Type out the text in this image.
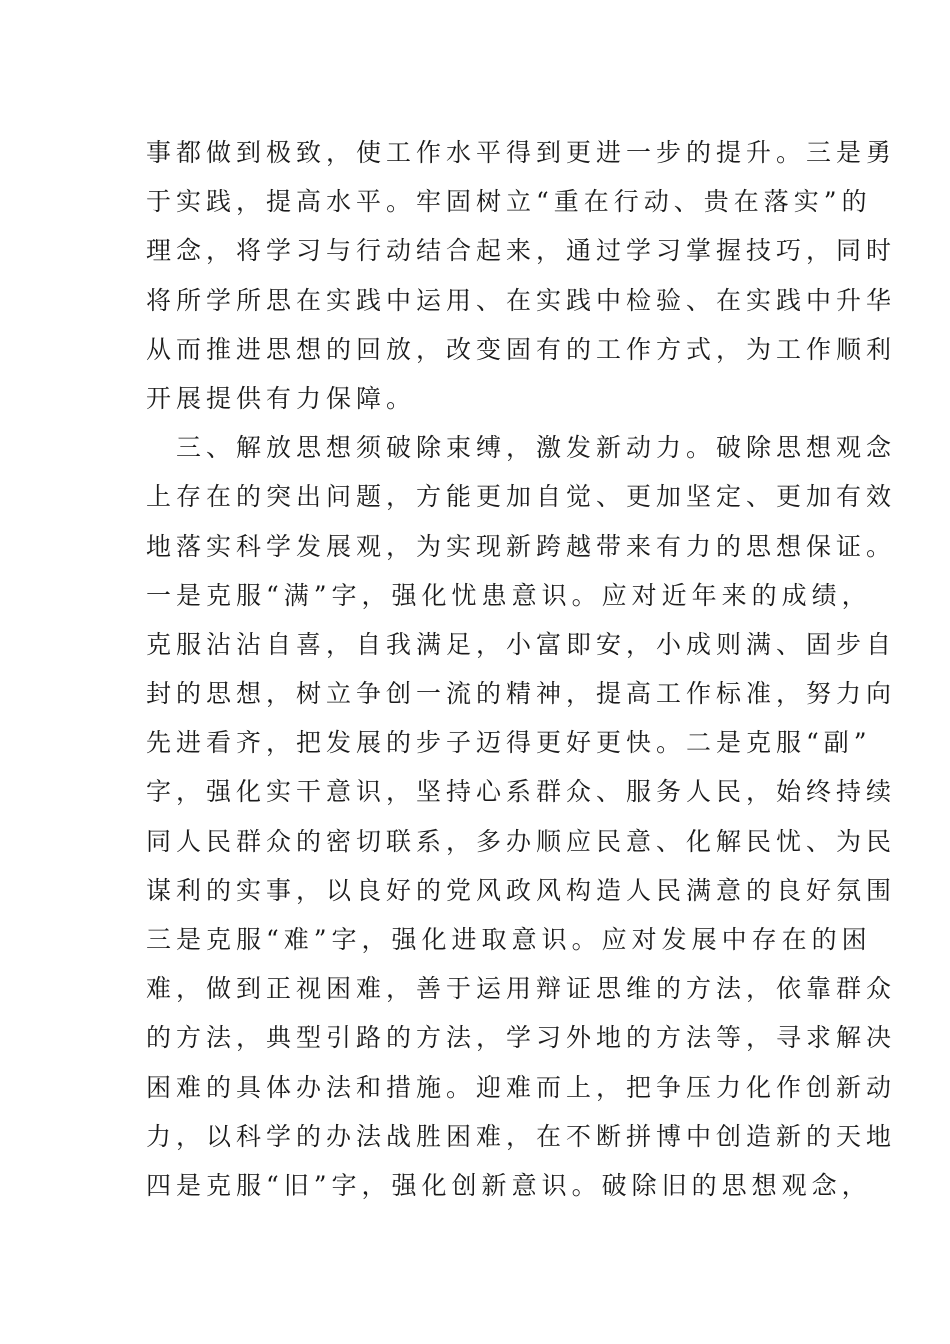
事都做到极致，使工作水平得到更进一步的提升。三是勇
于实践，提高水平。牢固树立“重在行动、贵在落实”的
理念，将学习与行动结合起来，通过学习掌握技巧，同时
将所学所思在实践中运用、在实践中检验、在实践中升华
从而推进思想的回放，改变固有的工作方式，为工作顺利
开展提供有力保障。
　三、解放思想须破除束缚，激发新动力。破除思想观念
上存在的突出问题，方能更加自觉、更加坚定、更加有效
地落实科学发展观，为实现新跨越带来有力的思想保证。
一是克服“满”字，强化忧患意识。应对近年来的成绩，
克服沾沾自喜，自我满足，小富即安，小成则满、固步自
封的思想，树立争创一流的精神，提高工作标准，努力向
先进看齐，把发展的步子迈得更好更快。二是克服“副”
字，强化实干意识，坚持心系群众、服务人民，始终持续
同人民群众的密切联系，多办顺应民意、化解民忧、为民
谋利的实事，以良好的党风政风构造人民满意的良好氛围
三是克服“难”字，强化进取意识。应对发展中存在的困
难，做到正视困难，善于运用辩证思维的方法，依靠群众
的方法，典型引路的方法，学习外地的方法等，寻求解决
困难的具体办法和措施。迎难而上，把争压力化作创新动
力，以科学的办法战胜困难，在不断拼博中创造新的天地
四是克服“旧”字，强化创新意识。破除旧的思想观念，
